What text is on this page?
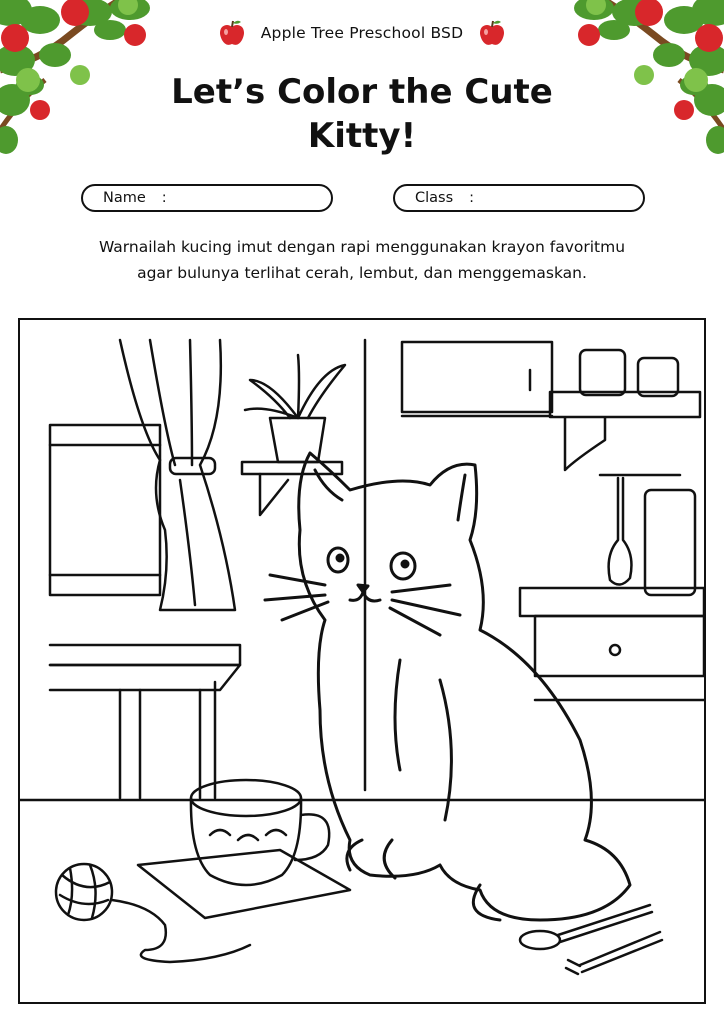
Apple Tree Preschool BSD
Let’s Color the Cute
Kitty!
Name :	Class :

Warnailah kucing imut dengan rapi menggunakan krayon favoritmu
agar bulunya terlihat cerah, lembut, dan menggemaskan.
